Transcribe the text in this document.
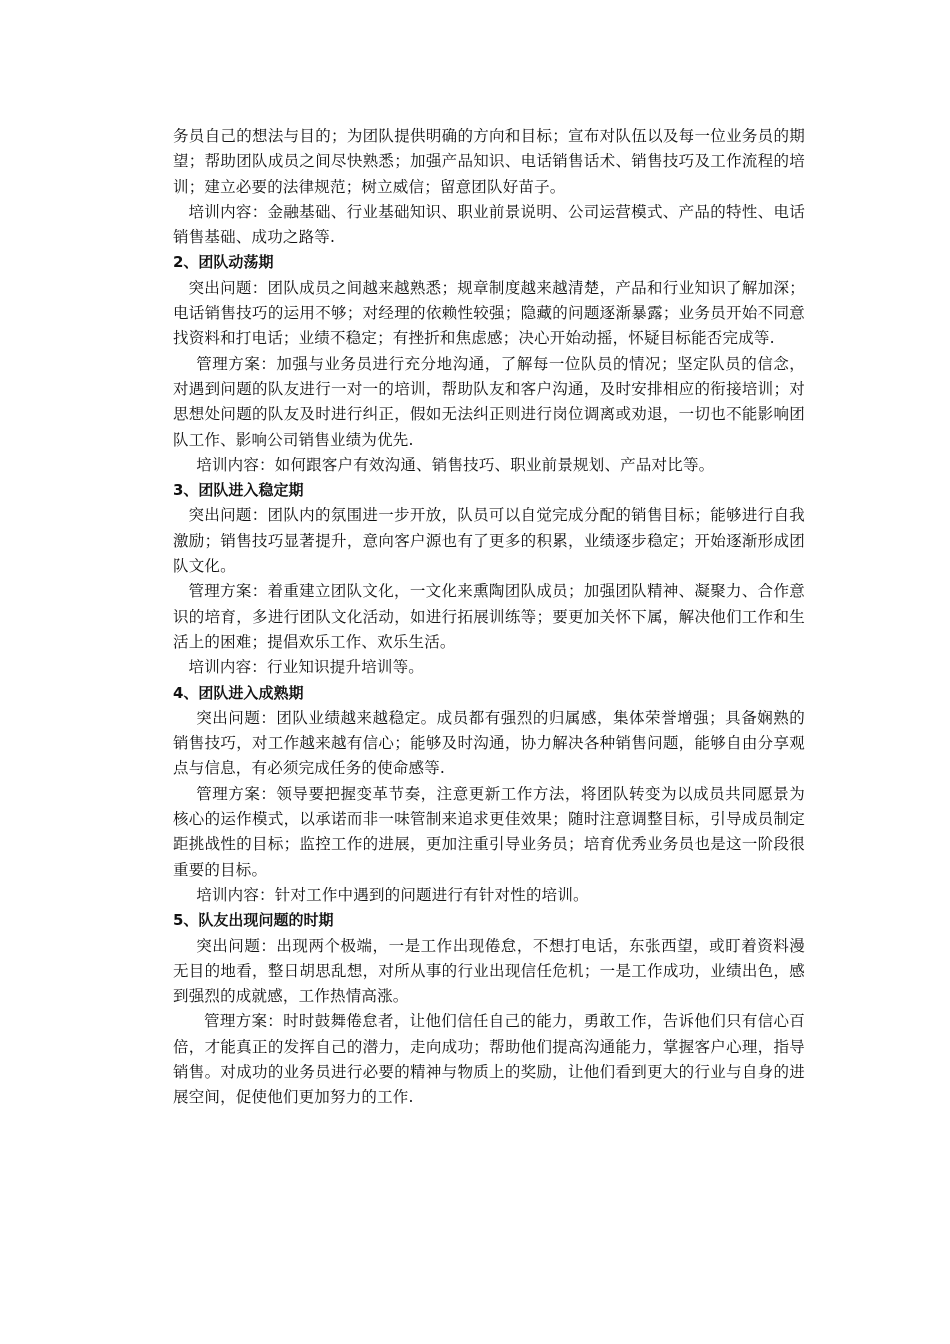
务员自己的想法与目的；为团队提供明确的方向和目标；宣布对队伍以及每一位业务员的期望；帮助团队成员之间尽快熟悉；加强产品知识、电话销售话术、销售技巧及工作流程的培训；建立必要的法律规范；树立威信；留意团队好苗子。

培训内容：金融基础、行业基础知识、职业前景说明、公司运营模式、产品的特性、电话销售基础、成功之路等.

2、团队动荡期

突出问题：团队成员之间越来越熟悉；规章制度越来越清楚，产品和行业知识了解加深；电话销售技巧的运用不够；对经理的依赖性较强；隐藏的问题逐渐暴露；业务员开始不同意找资料和打电话；业绩不稳定；有挫折和焦虑感；决心开始动摇，怀疑目标能否完成等.

管理方案：加强与业务员进行充分地沟通，了解每一位队员的情况；坚定队员的信念，对遇到问题的队友进行一对一的培训，帮助队友和客户沟通，及时安排相应的衔接培训；对思想处问题的队友及时进行纠正，假如无法纠正则进行岗位调离或劝退，一切也不能影响团队工作、影响公司销售业绩为优先.

培训内容：如何跟客户有效沟通、销售技巧、职业前景规划、产品对比等。

3、团队进入稳定期

突出问题：团队内的氛围进一步开放，队员可以自觉完成分配的销售目标；能够进行自我激励；销售技巧显著提升，意向客户源也有了更多的积累，业绩逐步稳定；开始逐渐形成团队文化。

管理方案：着重建立团队文化，一文化来熏陶团队成员；加强团队精神、凝聚力、合作意识的培育，多进行团队文化活动，如进行拓展训练等；要更加关怀下属，解决他们工作和生活上的困难；提倡欢乐工作、欢乐生活。

培训内容：行业知识提升培训等。

4、团队进入成熟期

突出问题：团队业绩越来越稳定。成员都有强烈的归属感，集体荣誉增强；具备娴熟的销售技巧，对工作越来越有信心；能够及时沟通，协力解决各种销售问题，能够自由分享观点与信息，有必须完成任务的使命感等.

管理方案：领导要把握变革节奏，注意更新工作方法，将团队转变为以成员共同愿景为核心的运作模式，以承诺而非一味管制来追求更佳效果；随时注意调整目标，引导成员制定距挑战性的目标；监控工作的进展，更加注重引导业务员；培育优秀业务员也是这一阶段很重要的目标。

培训内容：针对工作中遇到的问题进行有针对性的培训。

5、队友出现问题的时期

突出问题：出现两个极端，一是工作出现倦怠，不想打电话，东张西望，或盯着资料漫无目的地看，整日胡思乱想，对所从事的行业出现信任危机；一是工作成功，业绩出色，感到强烈的成就感，工作热情高涨。

管理方案：时时鼓舞倦怠者，让他们信任自己的能力，勇敢工作，告诉他们只有信心百倍，才能真正的发挥自己的潜力，走向成功；帮助他们提高沟通能力，掌握客户心理，指导销售。对成功的业务员进行必要的精神与物质上的奖励，让他们看到更大的行业与自身的进展空间，促使他们更加努力的工作.
